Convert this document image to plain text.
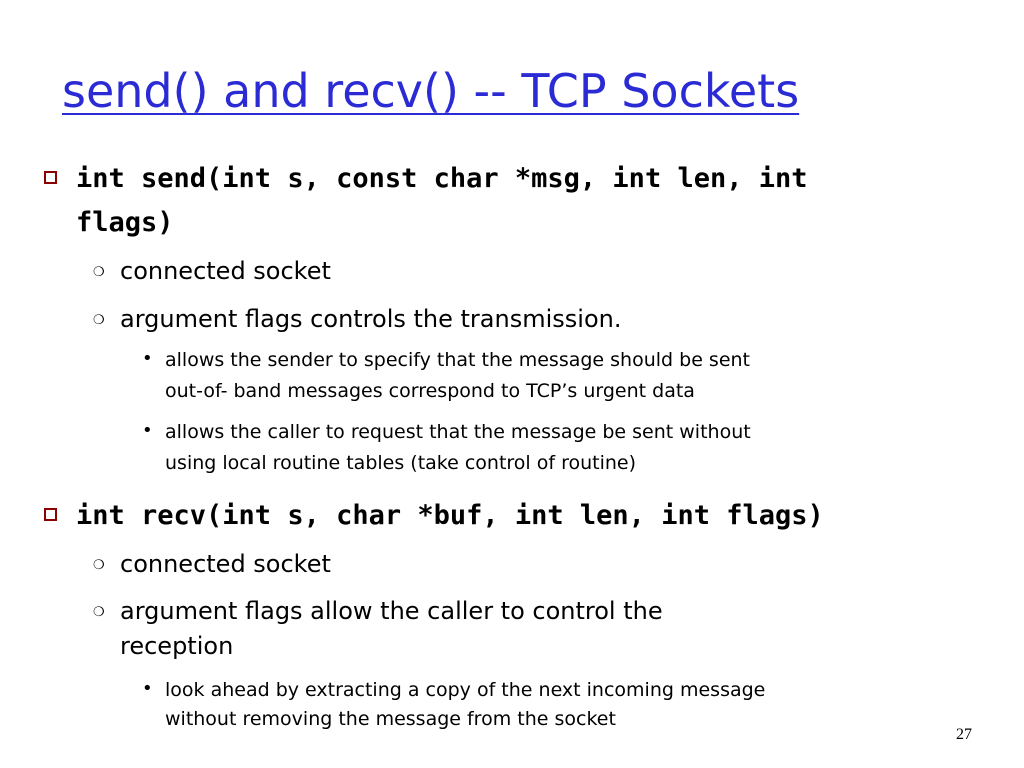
send() and recv() -- TCP Sockets
int send(int s, const char *msg, int len, int
flags)
❍ connected socket
❍ argument flags controls the transmission.
• allows the sender to specify that the message should be sent
out-of- band messages correspond to TCP’s urgent data
• allows the caller to request that the message be sent without
using local routine tables (take control of routine)
int recv(int s, char *buf, int len, int flags)
❍ connected socket
❍ argument flags allow the caller to control the
reception
• look ahead by extracting a copy of the next incoming message
without removing the message from the socket
27
